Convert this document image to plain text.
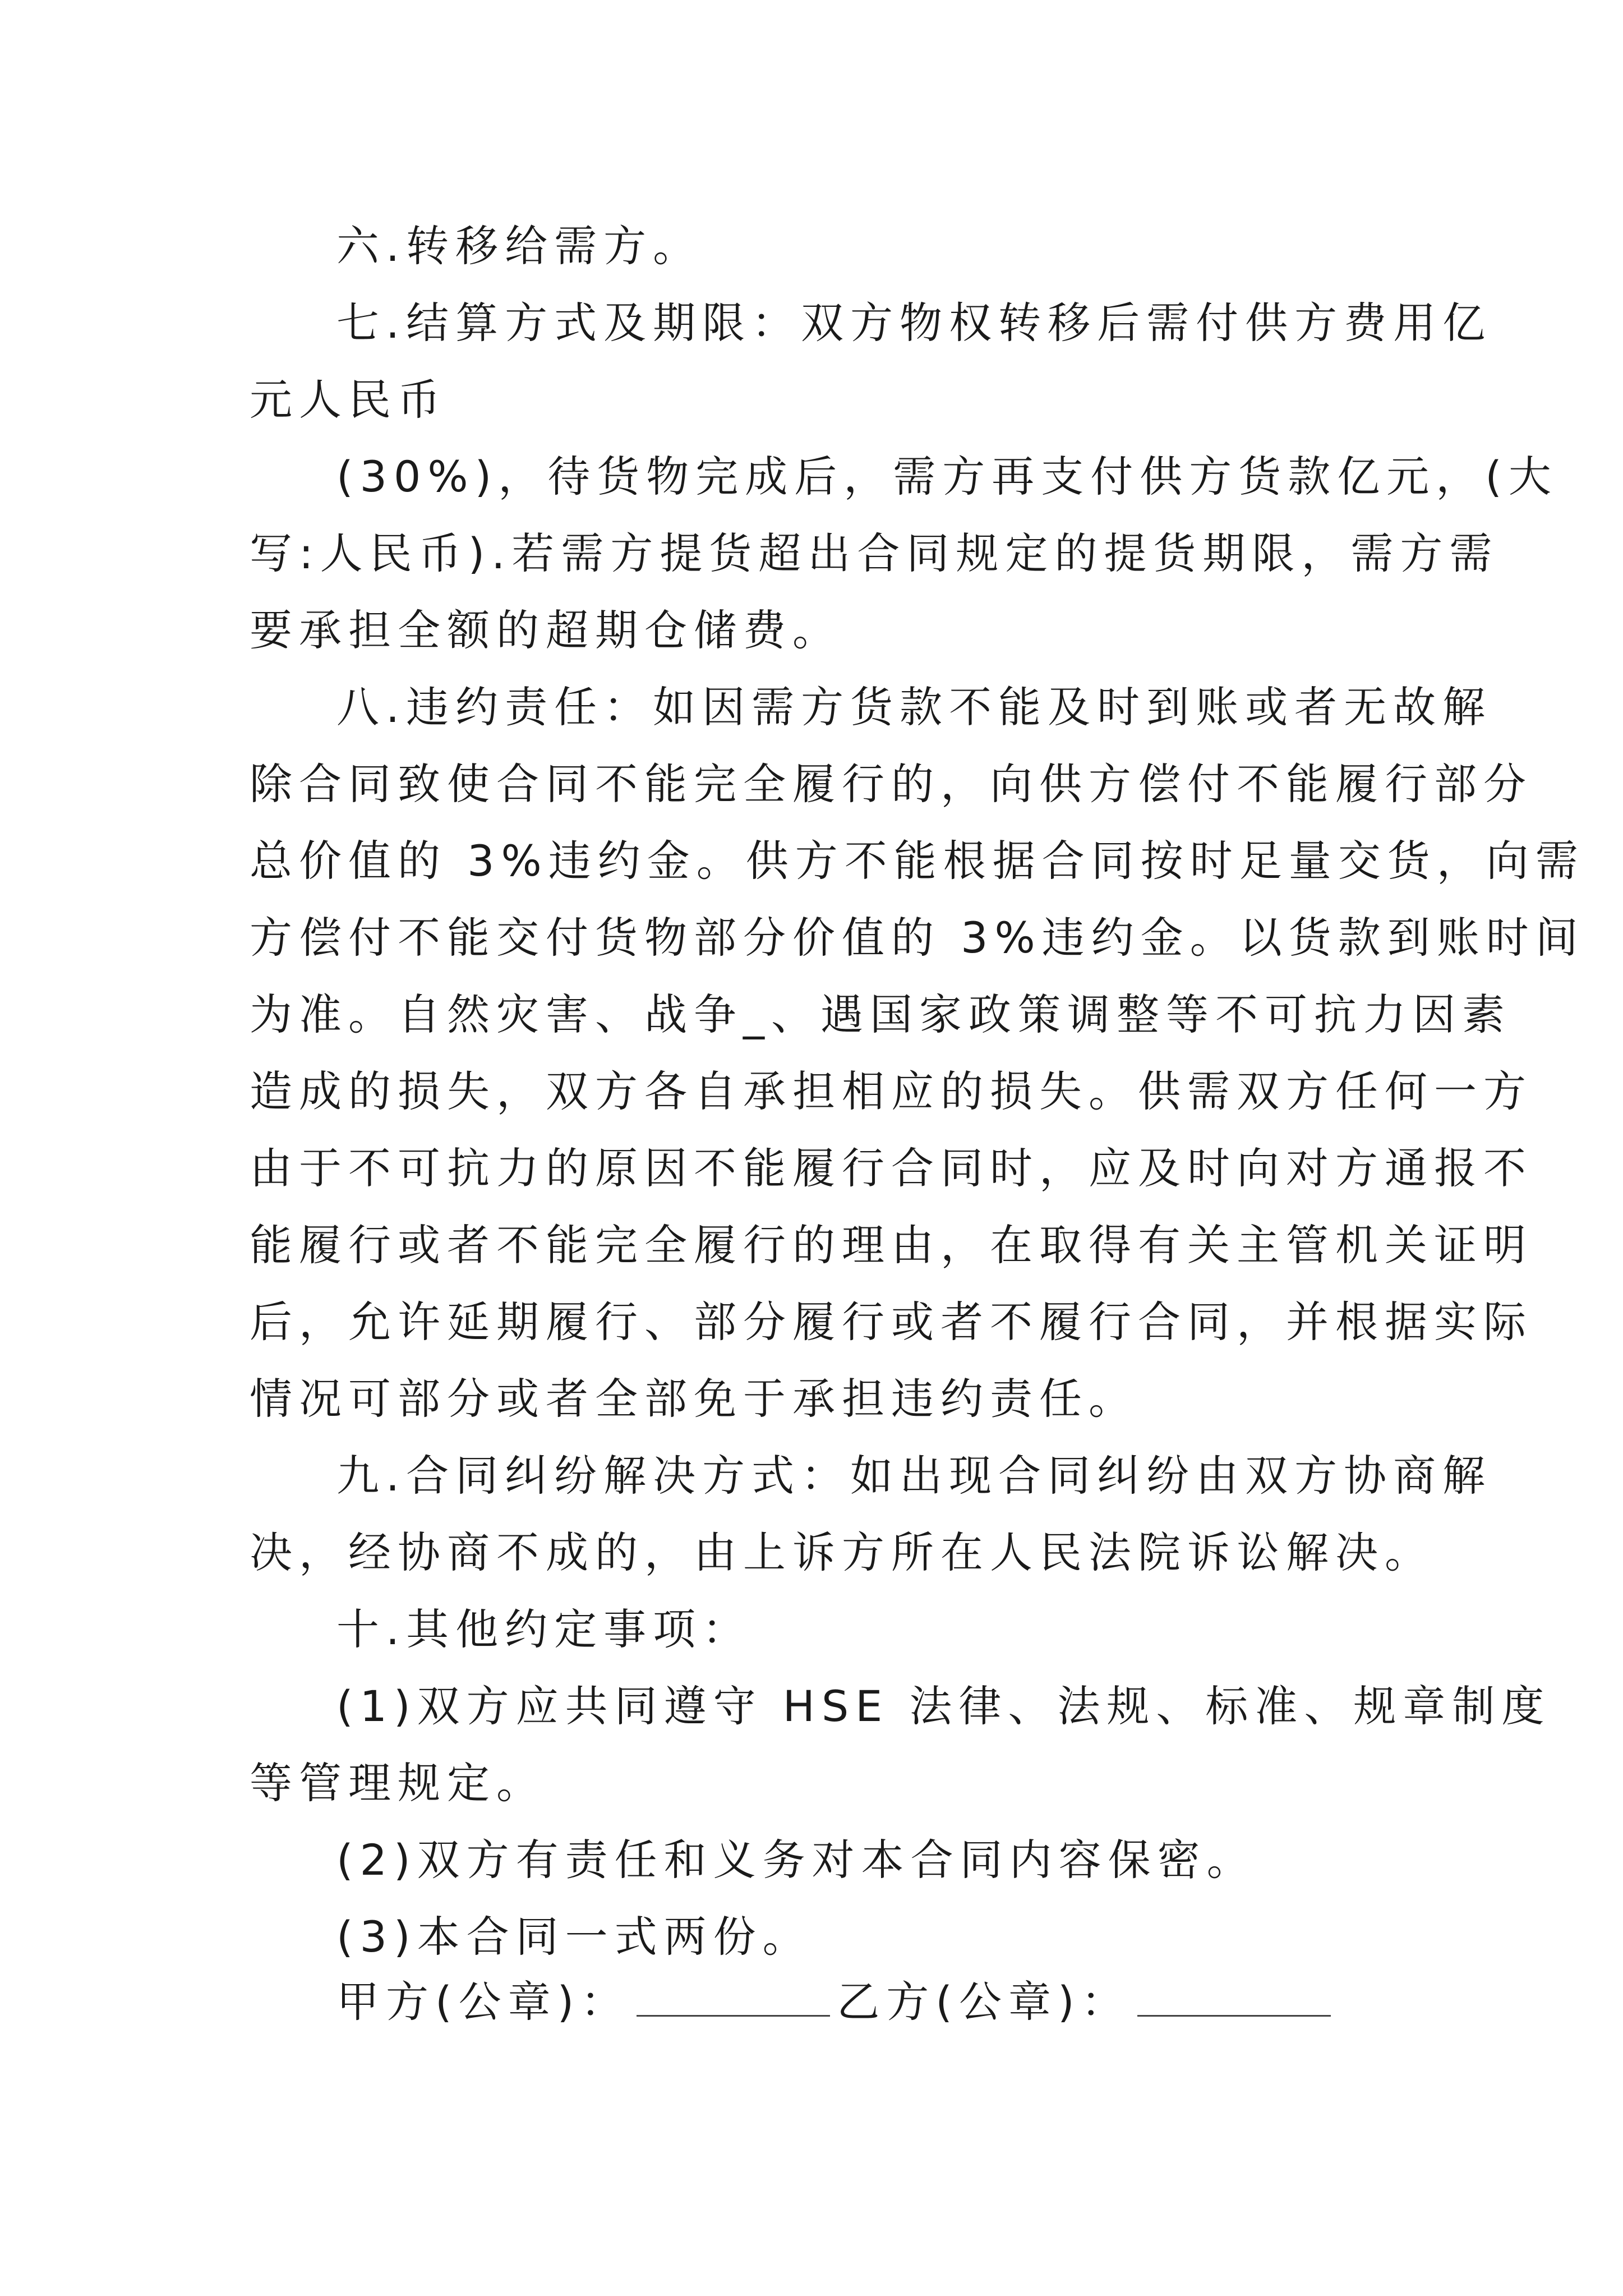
六.转移给需方。
七.结算方式及期限：双方物权转移后需付供方费用亿
元人民币
(30%)，待货物完成后，需方再支付供方货款亿元，(大
写:人民币).若需方提货超出合同规定的提货期限，需方需
要承担全额的超期仓储费。
八.违约责任：如因需方货款不能及时到账或者无故解
除合同致使合同不能完全履行的，向供方偿付不能履行部分
总价值的 3%违约金。供方不能根据合同按时足量交货，向需
方偿付不能交付货物部分价值的 3%违约金。以货款到账时间
为准。自然灾害、战争_、遇国家政策调整等不可抗力因素
造成的损失，双方各自承担相应的损失。供需双方任何一方
由于不可抗力的原因不能履行合同时，应及时向对方通报不
能履行或者不能完全履行的理由，在取得有关主管机关证明
后，允许延期履行、部分履行或者不履行合同，并根据实际
情况可部分或者全部免于承担违约责任。
九.合同纠纷解决方式：如出现合同纠纷由双方协商解
决，经协商不成的，由上诉方所在人民法院诉讼解决。
十.其他约定事项：
(1)双方应共同遵守 HSE 法律、法规、标准、规章制度
等管理规定。
(2)双方有责任和义务对本合同内容保密。
(3)本合同一式两份。
甲方(公章)：	乙方(公章)：
